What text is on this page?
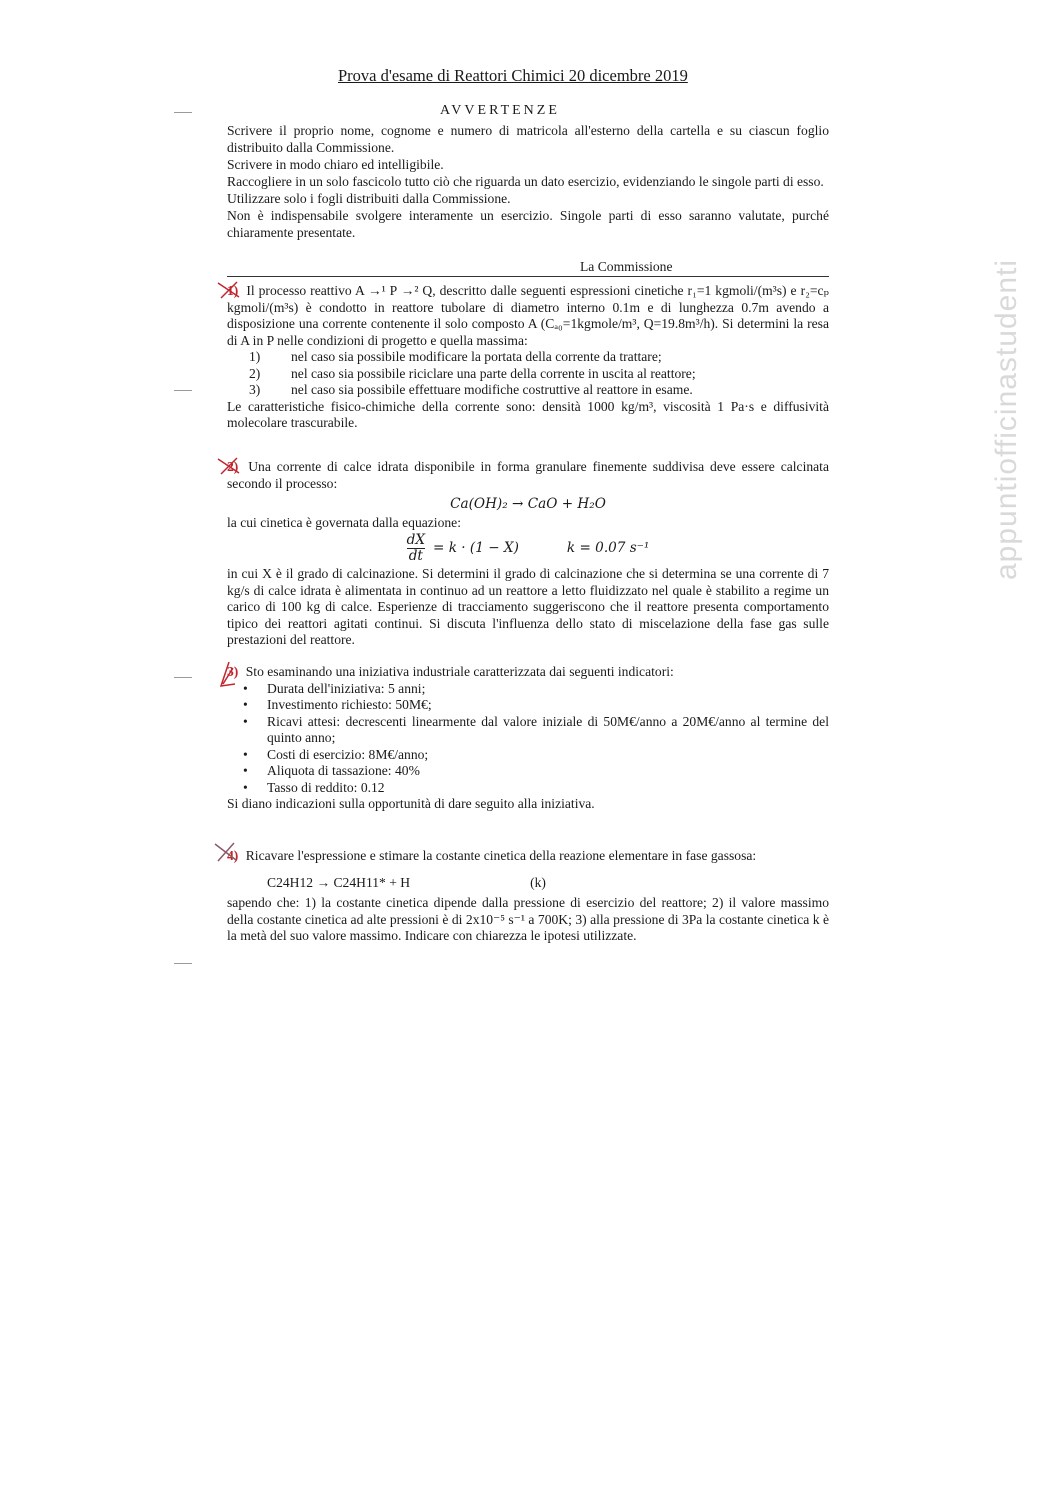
Prova d'esame di Reattori Chimici 20 dicembre 2019
AVVERTENZE

Scrivere il proprio nome, cognome e numero di matricola all'esterno della cartella e su ciascun foglio distribuito dalla Commissione.

Scrivere in modo chiaro ed intelligibile.

Raccogliere in un solo fascicolo tutto ciò che riguarda un dato esercizio, evidenziando le singole parti di esso.

Utilizzare solo i fogli distribuiti dalla Commissione.

Non è indispensabile svolgere interamente un esercizio. Singole parti di esso saranno valutate, purché chiaramente presentate.

La Commissione

1) Il processo reattivo A →¹ P →² Q, descritto dalle seguenti espressioni cinetiche r₁=1 kgmoli/(m³s) e r₂=cₚ kgmoli/(m³s) è condotto in reattore tubolare di diametro interno 0.1m e di lunghezza 0.7m avendo a disposizione una corrente contenente il solo composto A (Cₐ₀=1kgmole/m³, Q=19.8m³/h). Si determini la resa di A in P nelle condizioni di progetto e quella massima:

1) nel caso sia possibile modificare la portata della corrente da trattare;
2) nel caso sia possibile riciclare una parte della corrente in uscita al reattore;
3) nel caso sia possibile effettuare modifiche costruttive al reattore in esame.

Le caratteristiche fisico-chimiche della corrente sono: densità 1000 kg/m³, viscosità 1 Pa·s e diffusività molecolare trascurabile.

2) Una corrente di calce idrata disponibile in forma granulare finemente suddivisa deve essere calcinata secondo il processo:

Ca(OH)₂ → CaO + H₂O

la cui cinetica è governata dalla equazione:

$\frac{dX}{dt} = k \cdot (1 - X)$	k = 0.07 s⁻¹

in cui X è il grado di calcinazione. Si determini il grado di calcinazione che si determina se una corrente di 7 kg/s di calce idrata è alimentata in continuo ad un reattore a letto fluidizzato nel quale è stabilito a regime un carico di 100 kg di calce. Esperienze di tracciamento suggeriscono che il reattore presenta comportamento tipico dei reattori agitati continui. Si discuta l'influenza dello stato di miscelazione della fase gas sulle prestazioni del reattore.

3) Sto esaminando una iniziativa industriale caratterizzata dai seguenti indicatori:

• Durata dell'iniziativa: 5 anni;
• Investimento richiesto: 50M€;
• Ricavi attesi: decrescenti linearmente dal valore iniziale di 50M€/anno a 20M€/anno al termine del quinto anno;
• Costi di esercizio: 8M€/anno;
• Aliquota di tassazione: 40%
• Tasso di reddito: 0.12

Si diano indicazioni sulla opportunità di dare seguito alla iniziativa.

4) Ricavare l'espressione e stimare la costante cinetica della reazione elementare in fase gassosa:

C24H12 → C24H11* + H	(k)

sapendo che: 1) la costante cinetica dipende dalla pressione di esercizio del reattore; 2) il valore massimo della costante cinetica ad alte pressioni è di 2x10⁻⁵ s⁻¹ a 700K; 3) alla pressione di 3Pa la costante cinetica k è la metà del suo valore massimo. Indicare con chiarezza le ipotesi utilizzate.

appuntiofficinastudenti
